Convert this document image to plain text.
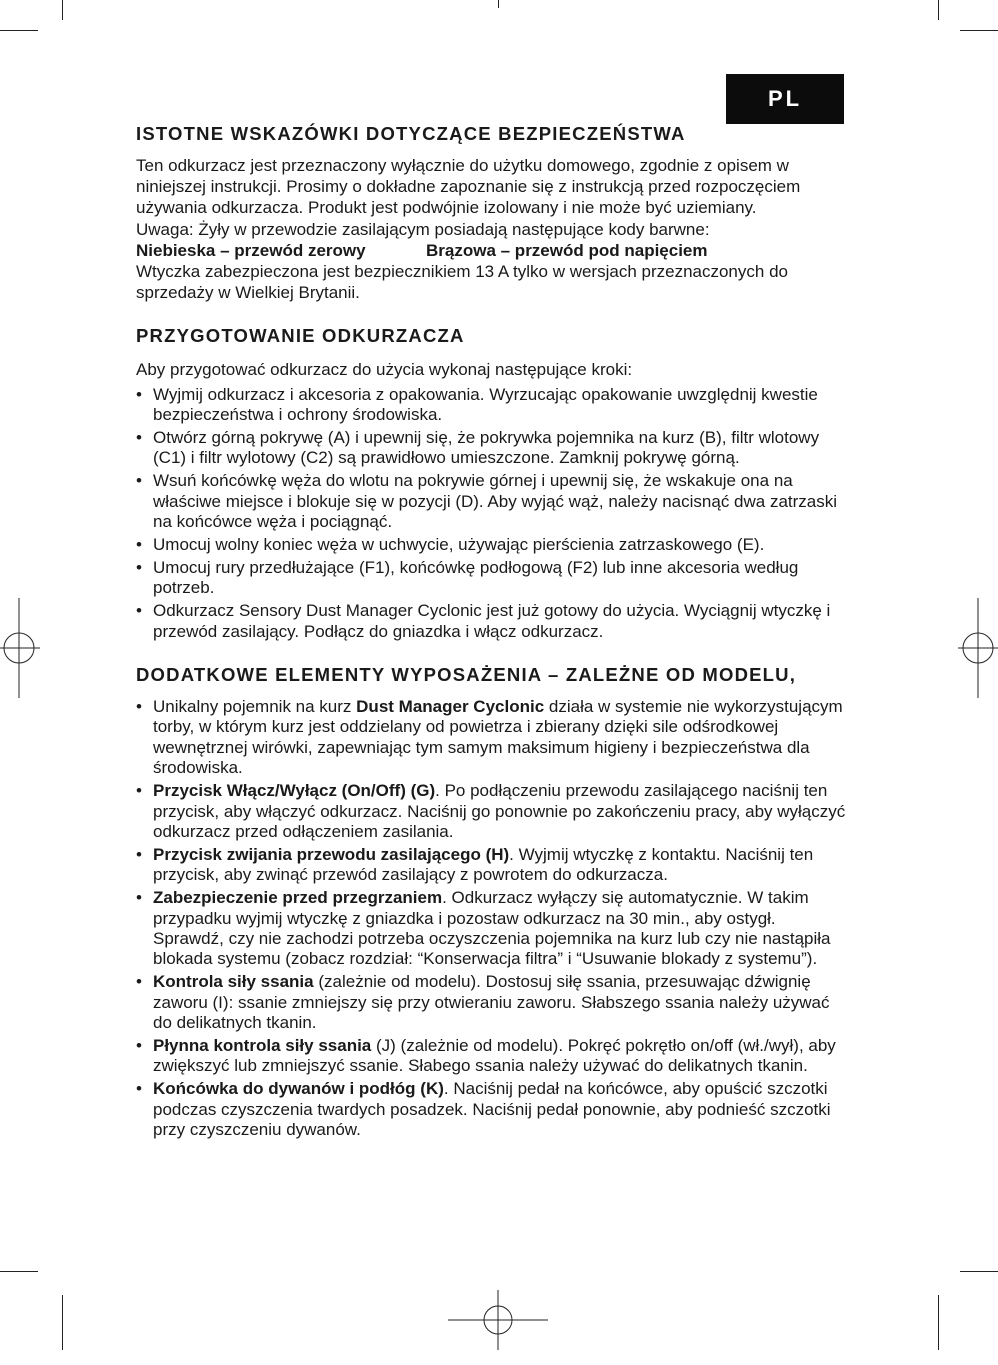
PL
ISTOTNE WSKAZÓWKI DOTYCZĄCE BEZPIECZEŃSTWA

Ten odkurzacz jest przeznaczony wyłącznie do użytku domowego, zgodnie z opisem w niniejszej instrukcji. Prosimy o dokładne zapoznanie się z instrukcją przed rozpoczęciem używania odkurzacza. Produkt jest podwójnie izolowany i nie może być uziemiany.

Uwaga: Żyły w przewodzie zasilającym posiadają następujące kody barwne:

Niebieska – przewód zerowy	Brązowa – przewód pod napięciem

Wtyczka zabezpieczona jest bezpiecznikiem 13 A tylko w wersjach przeznaczonych do sprzedaży w Wielkiej Brytanii.

PRZYGOTOWANIE ODKURZACZA

Aby przygotować odkurzacz do użycia wykonaj następujące kroki:

• Wyjmij odkurzacz i akcesoria z opakowania. Wyrzucając opakowanie uwzględnij kwestie bezpieczeństwa i ochrony środowiska.
• Otwórz górną pokrywę (A) i upewnij się, że pokrywka pojemnika na kurz (B), filtr wlotowy (C1) i filtr wylotowy (C2) są prawidłowo umieszczone. Zamknij pokrywę górną.
• Wsuń końcówkę węża do wlotu na pokrywie górnej i upewnij się, że wskakuje ona na właściwe miejsce i blokuje się w pozycji (D). Aby wyjąć wąż, należy nacisnąć dwa zatrzaski na końcówce węża i pociągnąć.
• Umocuj wolny koniec węża w uchwycie, używając pierścienia zatrzaskowego (E).
• Umocuj rury przedłużające (F1), końcówkę podłogową (F2) lub inne akcesoria według potrzeb.
• Odkurzacz Sensory Dust Manager Cyclonic jest już gotowy do użycia. Wyciągnij wtyczkę i przewód zasilający. Podłącz do gniazdka i włącz odkurzacz.
DODATKOWE ELEMENTY WYPOSAŻENIA – ZALEŻNE OD MODELU,
• Unikalny pojemnik na kurz Dust Manager Cyclonic działa w systemie nie wykorzystującym torby, w którym kurz jest oddzielany od powietrza i zbierany dzięki sile odśrodkowej wewnętrznej wirówki, zapewniając tym samym maksimum higieny i bezpieczeństwa dla środowiska.
• Przycisk Włącz/Wyłącz (On/Off) (G). Po podłączeniu przewodu zasilającego naciśnij ten przycisk, aby włączyć odkurzacz. Naciśnij go ponownie po zakończeniu pracy, aby wyłączyć odkurzacz przed odłączeniem zasilania.
• Przycisk zwijania przewodu zasilającego (H). Wyjmij wtyczkę z kontaktu. Naciśnij ten przycisk, aby zwinąć przewód zasilający z powrotem do odkurzacza.
• Zabezpieczenie przed przegrzaniem. Odkurzacz wyłączy się automatycznie. W takim przypadku wyjmij wtyczkę z gniazdka i pozostaw odkurzacz na 30 min., aby ostygł. Sprawdź, czy nie zachodzi potrzeba oczyszczenia pojemnika na kurz lub czy nie nastąpiła blokada systemu (zobacz rozdział: “Konserwacja filtra” i “Usuwanie blokady z systemu”).
• Kontrola siły ssania (zależnie od modelu). Dostosuj siłę ssania, przesuwając dźwignię zaworu (I): ssanie zmniejszy się przy otwieraniu zaworu. Słabszego ssania należy używać do delikatnych tkanin.
• Płynna kontrola siły ssania (J) (zależnie od modelu). Pokręć pokrętło on/off (wł./wył), aby zwiększyć lub zmniejszyć ssanie. Słabego ssania należy używać do delikatnych tkanin.
• Końcówka do dywanów i podłóg (K). Naciśnij pedał na końcówce, aby opuścić szczotki podczas czyszczenia twardych posadzek. Naciśnij pedał ponownie, aby podnieść szczotki przy czyszczeniu dywanów.
